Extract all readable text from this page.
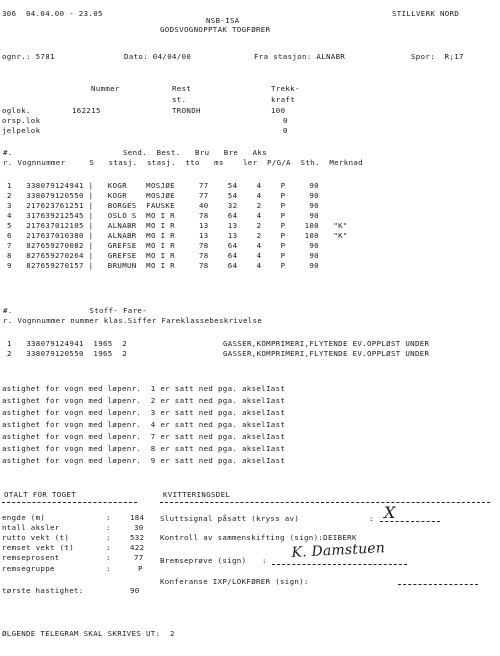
306  04.04.00 - 23.05
NSB-ISA
GODSVOGNOPPTAK TOGFØRER
STILLVERK NORD
ognr.: 5781	Dato: 04/04/00	Fra stasjon: ALNABR	Spor:  R;17
Nummer	Rest
st.
Trekk-
kraft
oglok.	162215	TRONDH	100
orsp.lok	0
jelpelok	0
#.                       Send.  Best.   Bru   Bre   Aks
r. Vognnummer     S   stasj.  stasj.  tto   ms    ler  P/G/A  Sth.  Merknad
1   338079124941 |   KOGR    MOSJØE     77    54    4    P     90
2   338079120550 |   KOGR    MOSJØE     77    54    4    P     90
3   217623761251 |   BORGES  FAUSKE     40    32    2    P     90
4   317639212545 |   OSLO S  MO I R     78    64    4    P     90
5   217637012105 |   ALNABR  MO I R     13    13    2    P    100   "K"
6   217637010380 |   ALNABR  MO I R     13    13    2    P    100   "K"
7   827659270082 |   GREFSE  MO I R     78    64    4    P     90
8   827659270264 |   GREFSE  MO I R     78    64    4    P     90
9   827659270157 |   BRUMUN  MO I R     78    64    4    P     90
#.                Stoff- Fare-
r. Vognnummer nummer klas.Siffer Fareklassebeskrivelse
1   338079124941  1965  2                    GASSER,KOMPRIMERI,FLYTENDE EV.OPPLØST UNDER
2   338079120550  1965  2                    GASSER,KOMPRIMERI,FLYTENDE EV.OPPLØST UNDER
astighet for vogn med løpenr.  1 er satt ned pga. akselIast
astighet for vogn med løpenr.  2 er satt ned pga. akselIast
astighet for vogn med løpenr.  3 er satt ned pga. akselIast
astighet for vogn med løpenr.  4 er satt ned pga. akselIast
astighet for vogn med løpenr.  7 er satt ned pga. akselIast
astighet for vogn med løpenr.  8 er satt ned pga. akselIast
astighet for vogn med løpenr.  9 er satt ned pga. akselIast
OTALT FOR TOGET
engde (m)	:	184
ntall aksler	:	30
rutto vekt (t)	:	532
remset vekt (t)	:	422
remseprosent	:	77
remsegruppe	:	P
tørste hastighet:	90
KVITTERINGSDEL
Sluttsignal påsatt (kryss av)	: X
Kontroll av sammenskifting (sign):DEIBERK
Bremseprøve (sign) : K. Damstuen
Konferanse IXP/LOKFØRER (sign):
ØLGENDE TELEGRAM SKAL SKRIVES UT:  2
